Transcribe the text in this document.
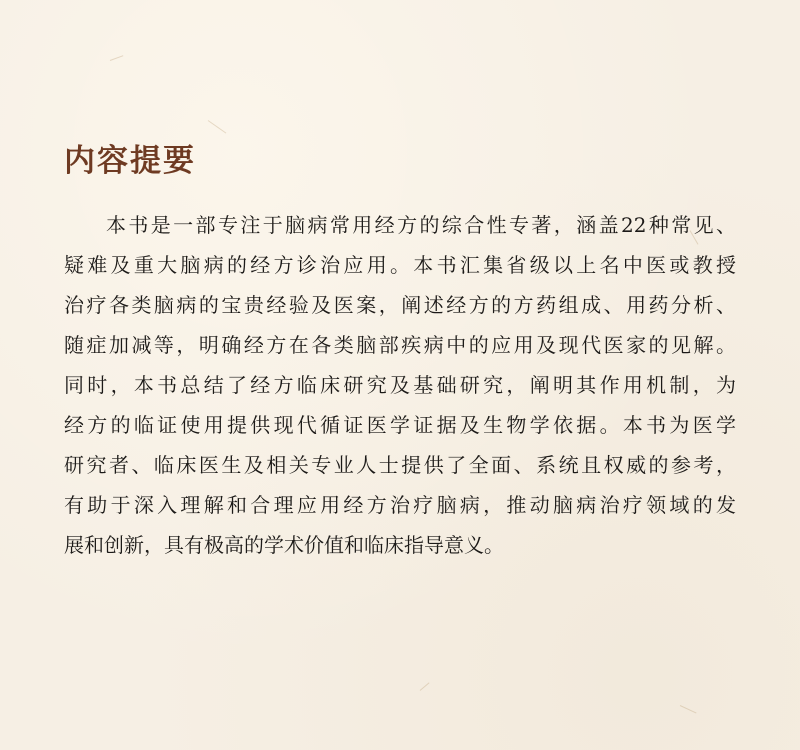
内容提要

本书是一部专注于脑病常用经方的综合性专著，涵盖22种常见、
疑难及重大脑病的经方诊治应用。本书汇集省级以上名中医或教授
治疗各类脑病的宝贵经验及医案，阐述经方的方药组成、用药分析、
随症加减等，明确经方在各类脑部疾病中的应用及现代医家的见解。
同时，本书总结了经方临床研究及基础研究，阐明其作用机制，为
经方的临证使用提供现代循证医学证据及生物学依据。本书为医学
研究者、临床医生及相关专业人士提供了全面、系统且权威的参考，
有助于深入理解和合理应用经方治疗脑病，推动脑病治疗领域的发
展和创新，具有极高的学术价值和临床指导意义。
